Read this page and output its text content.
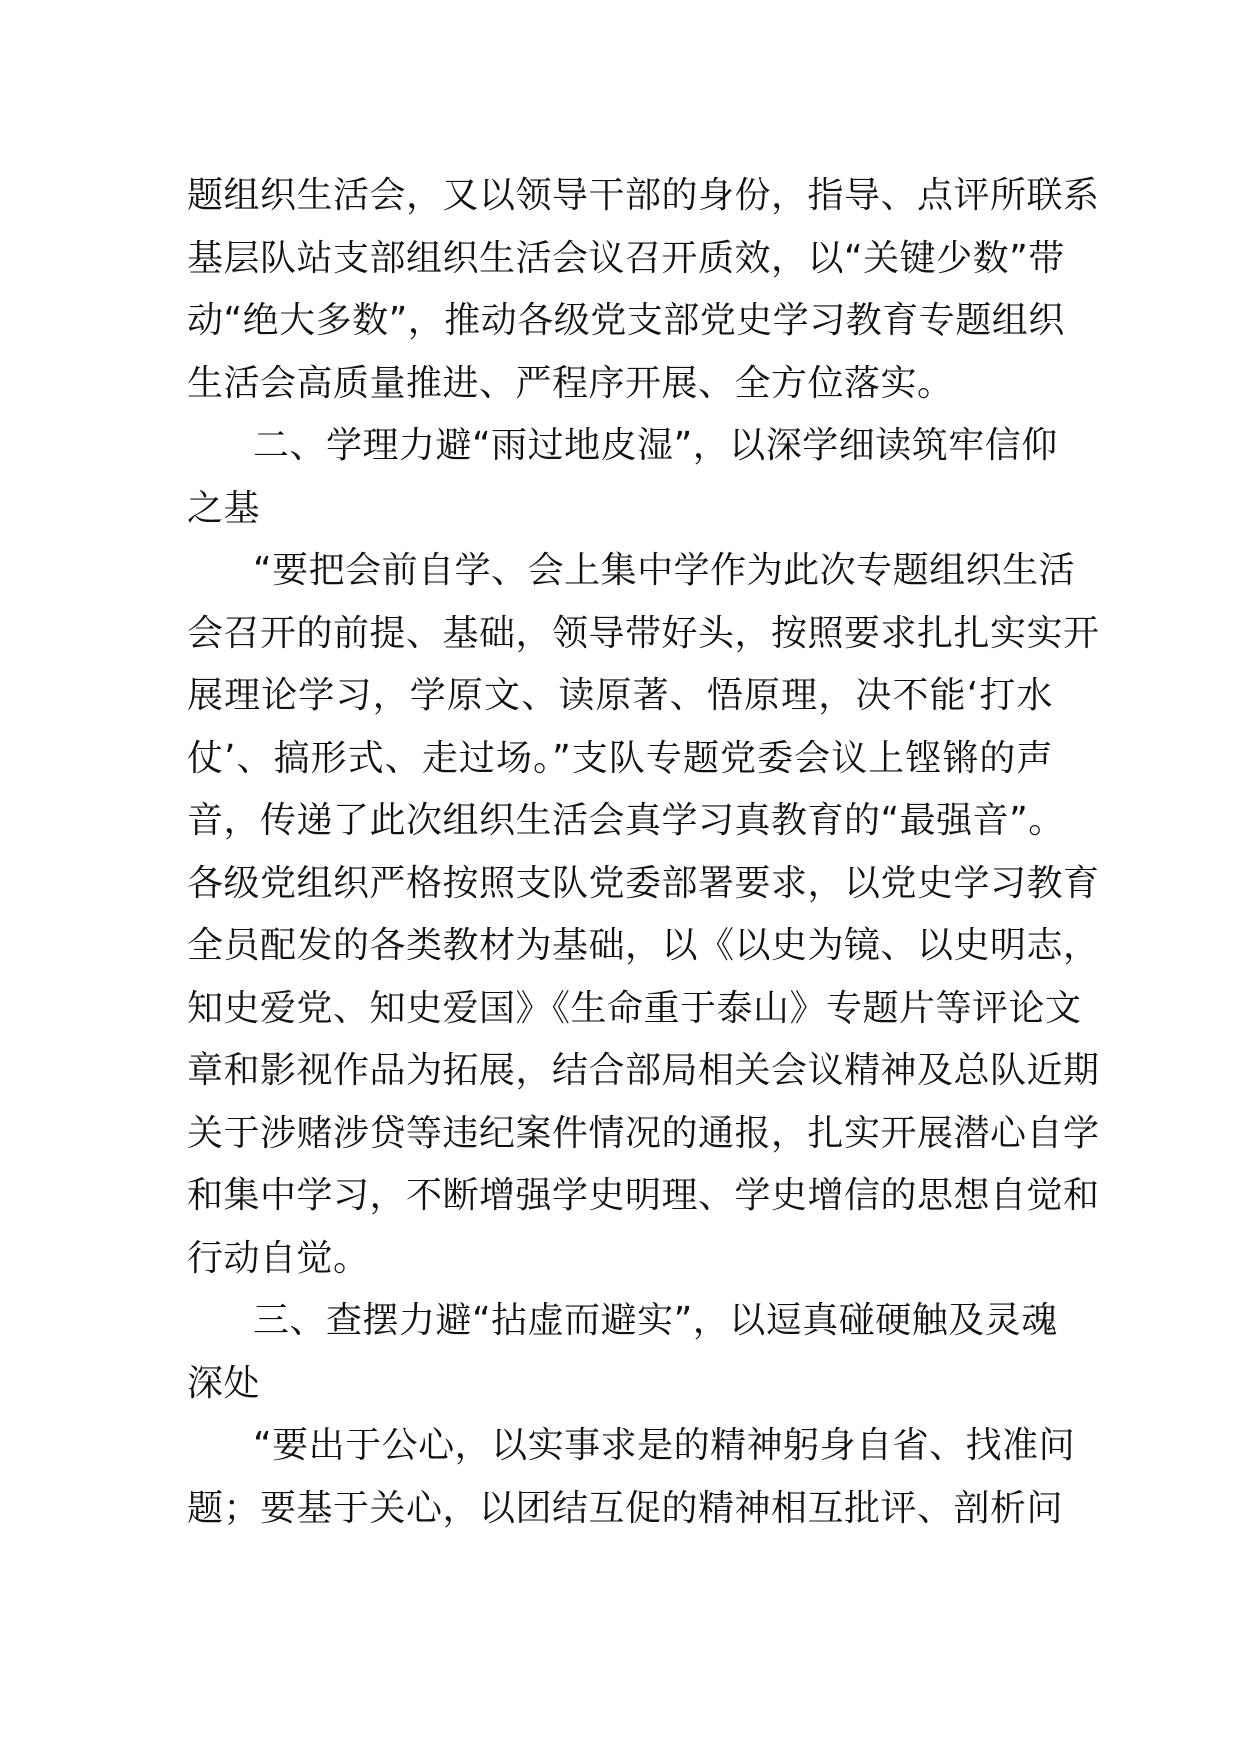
题组织生活会，又以领导干部的身份，指导、点评所联系
基层队站支部组织生活会议召开质效，以“关键少数”带
动“绝大多数”，推动各级党支部党史学习教育专题组织
生活会高质量推进、严程序开展、全方位落实。
二、学理力避“雨过地皮湿”，以深学细读筑牢信仰
之基
“要把会前自学、会上集中学作为此次专题组织生活
会召开的前提、基础，领导带好头，按照要求扎扎实实开
展理论学习，学原文、读原著、悟原理，决不能‘打水
仗’、搞形式、走过场。”支队专题党委会议上铿锵的声
音，传递了此次组织生活会真学习真教育的“最强音”。
各级党组织严格按照支队党委部署要求，以党史学习教育
全员配发的各类教材为基础，以《以史为镜、以史明志，
知史爱党、知史爱国》《生命重于泰山》专题片等评论文
章和影视作品为拓展，结合部局相关会议精神及总队近期
关于涉赌涉贷等违纪案件情况的通报，扎实开展潜心自学
和集中学习，不断增强学史明理、学史增信的思想自觉和
行动自觉。
三、查摆力避“拈虚而避实”，以逗真碰硬触及灵魂
深处
“要出于公心，以实事求是的精神躬身自省、找准问
题；要基于关心，以团结互促的精神相互批评、剖析问
